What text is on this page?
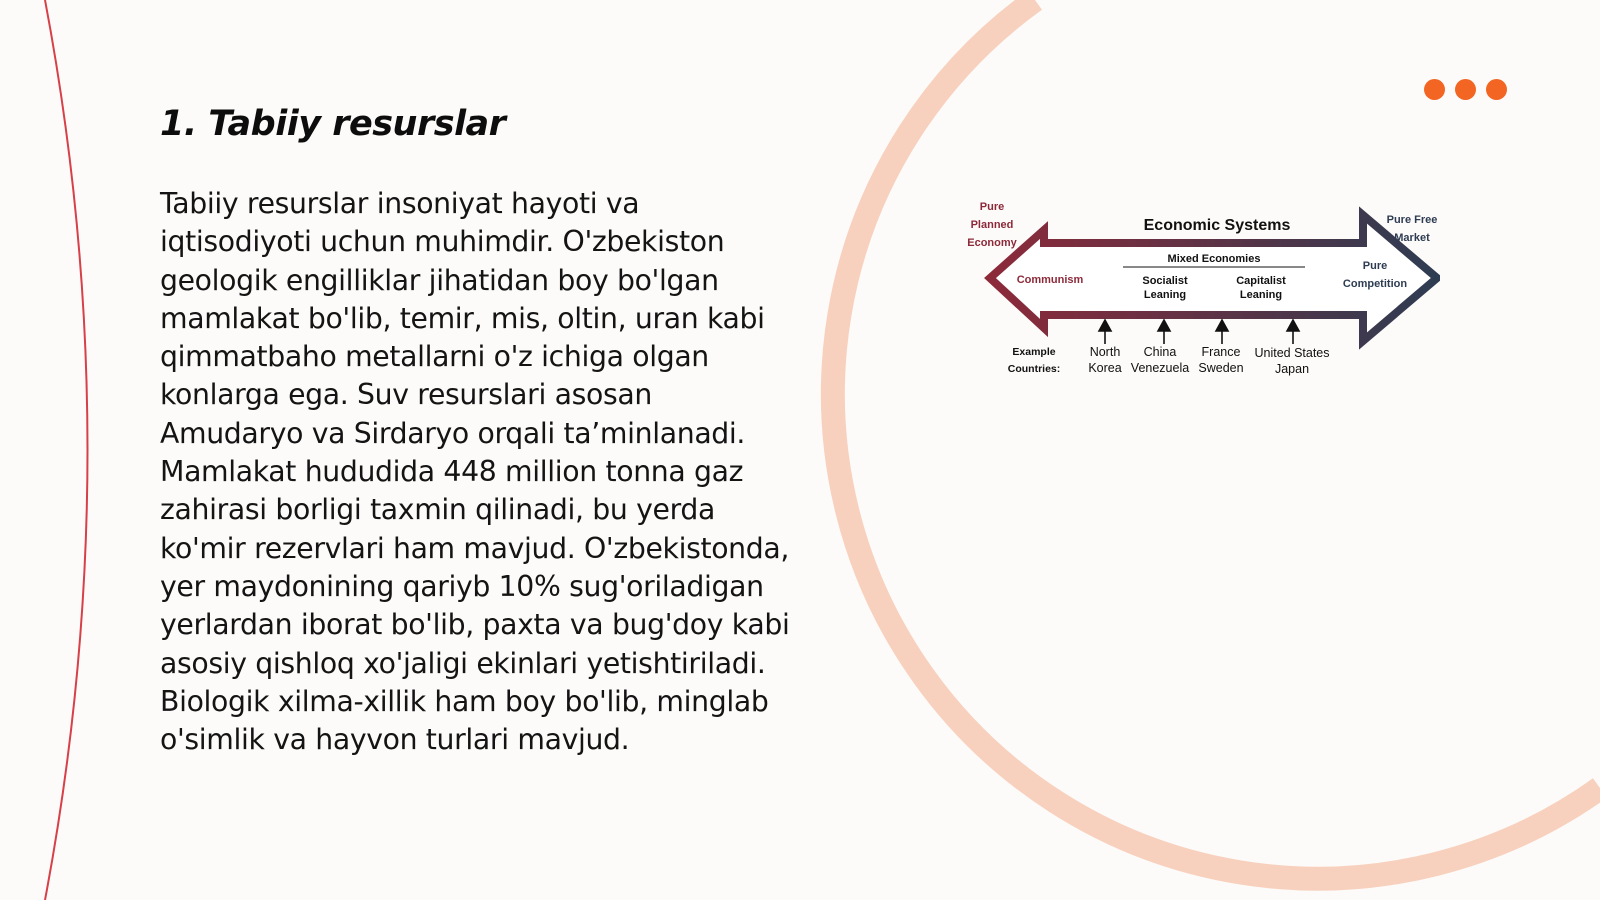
1. Tabiiy resurslar
Tabiiy resurslar insoniyat hayoti va
iqtisodiyoti uchun muhimdir. O'zbekiston
geologik engilliklar jihatidan boy bo'lgan
mamlakat bo'lib, temir, mis, oltin, uran kabi
qimmatbaho metallarni o'z ichiga olgan
konlarga ega. Suv resurslari asosan
Amudaryo va Sirdaryo orqali ta’minlanadi.
Mamlakat hududida 448 million tonna gaz
zahirasi borligi taxmin qilinadi, bu yerda
ko'mir rezervlari ham mavjud. O'zbekistonda,
yer maydonining qariyb 10% sug'oriladigan
yerlardan iborat bo'lib, paxta va bug'doy kabi
asosiy qishloq xo'jaligi ekinlari yetishtiriladi.
Biologik xilma-xillik ham boy bo'lib, minglab
o'simlik va hayvon turlari mavjud.
Pure
Planned
Economy
Pure Free
Market
Economic Systems
Mixed Economies
Communism
Pure
Competition
Socialist
Leaning
Capitalist
Leaning
Example
Countries:
North
Korea
China
Venezuela
France
Sweden
United States
Japan
